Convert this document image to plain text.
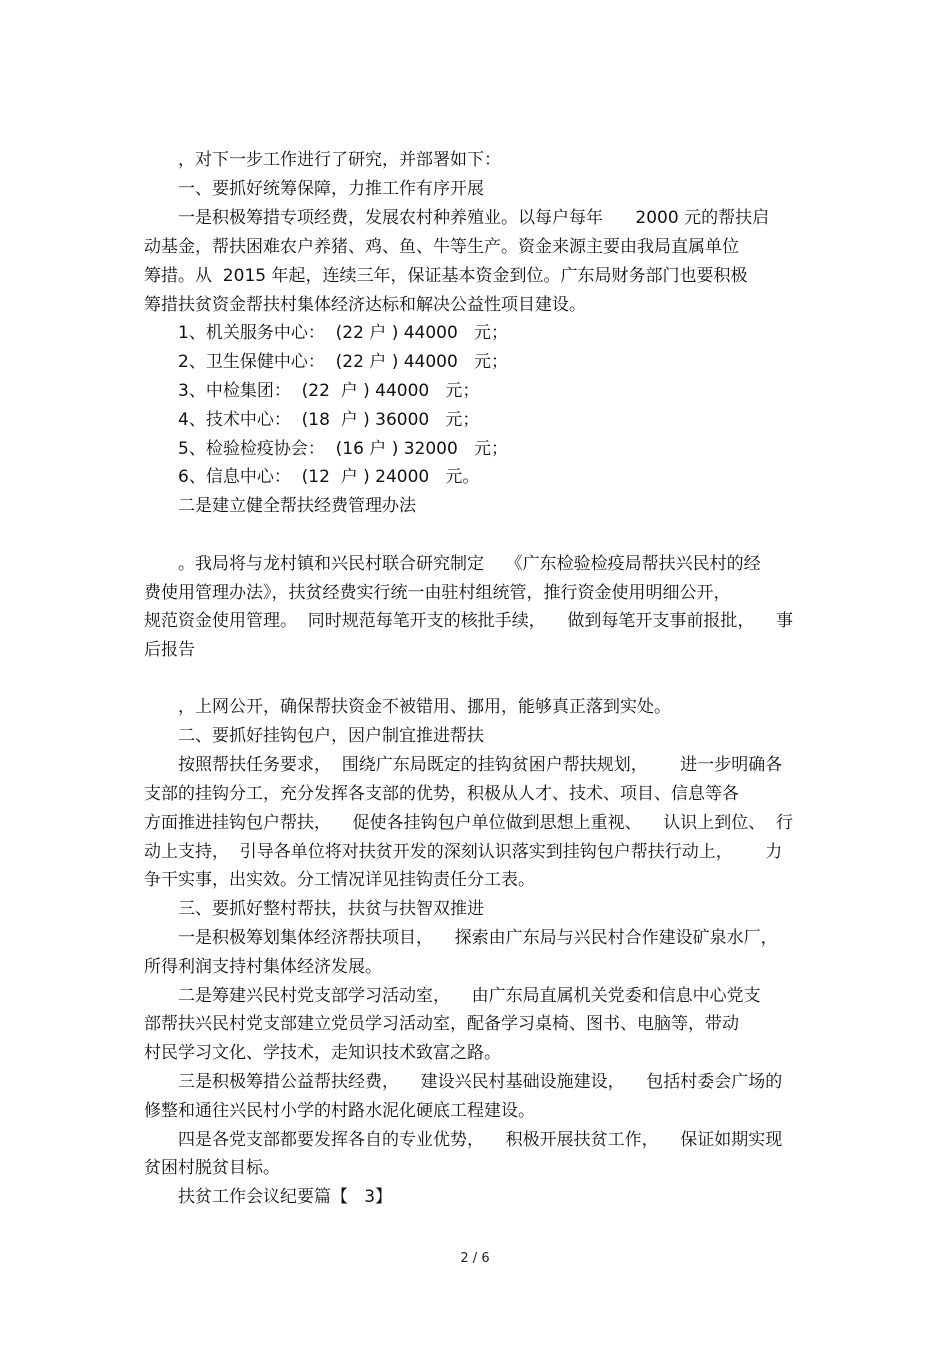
，对下一步工作进行了研究，并部署如下：
一、要抓好统筹保障，力推工作有序开展
一是积极筹措专项经费，发展农村种养殖业。以每户每年      2000 元的帮扶启
动基金，帮扶困难农户养猪、鸡、鱼、牛等生产。资金来源主要由我局直属单位
筹措。从  2015 年起，连续三年，保证基本资金到位。广东局财务部门也要积极
筹措扶贫资金帮扶村集体经济达标和解决公益性项目建设。
1、机关服务中心：  (22 户 ) 44000   元；
2、卫生保健中心：  (22 户 ) 44000   元；
3、中检集团：  (22  户 ) 44000   元；
4、技术中心：  (18  户 ) 36000   元；
5、检验检疫协会：  (16 户 ) 32000   元；
6、信息中心：  (12  户 ) 24000   元。
二是建立健全帮扶经费管理办法
。我局将与龙村镇和兴民村联合研究制定    《广东检验检疫局帮扶兴民村的经
费使用管理办法》，扶贫经费实行统一由驻村组统管，推行资金使用明细公开，
规范资金使用管理。  同时规范每笔开支的核批手续，    做到每笔开支事前报批，    事
后报告
，上网公开，确保帮扶资金不被错用、挪用，能够真正落到实处。
二、要抓好挂钩包户，因户制宜推进帮扶
按照帮扶任务要求，  围绕广东局既定的挂钩贫困户帮扶规划，      进一步明确各
支部的挂钩分工，充分发挥各支部的优势，积极从人才、技术、项目、信息等各
方面推进挂钩包户帮扶，    促使各挂钩包户单位做到思想上重视、    认识上到位、  行
动上支持，  引导各单位将对扶贫开发的深刻认识落实到挂钩包户帮扶行动上，      力
争干实事，出实效。分工情况详见挂钩责任分工表。
三、要抓好整村帮扶，扶贫与扶智双推进
一是积极筹划集体经济帮扶项目，    探索由广东局与兴民村合作建设矿泉水厂，
所得利润支持村集体经济发展。
二是筹建兴民村党支部学习活动室，    由广东局直属机关党委和信息中心党支
部帮扶兴民村党支部建立党员学习活动室，配备学习桌椅、图书、电脑等，带动
村民学习文化、学技术，走知识技术致富之路。
三是积极筹措公益帮扶经费，    建设兴民村基础设施建设，    包括村委会广场的
修整和通往兴民村小学的村路水泥化硬底工程建设。
四是各党支部都要发挥各自的专业优势，    积极开展扶贫工作，    保证如期实现
贫困村脱贫目标。
扶贫工作会议纪要篇【   3】
2 / 6
